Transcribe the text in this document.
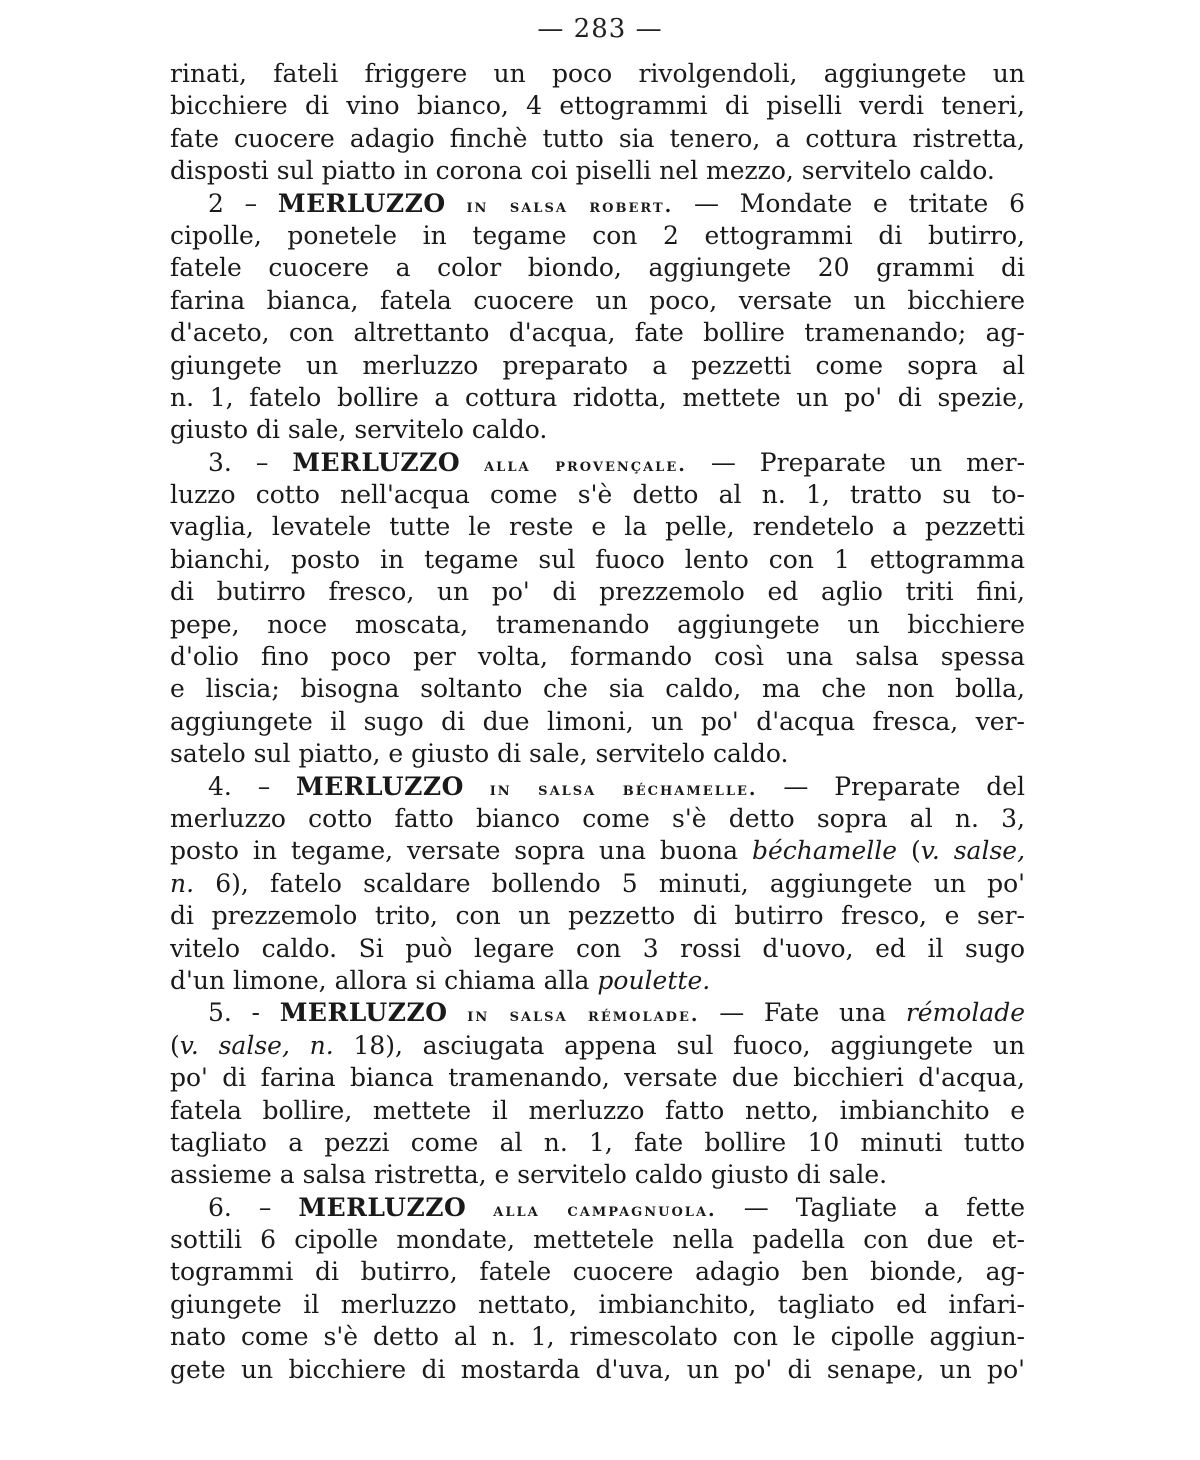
— 283 —
rinati, fateli friggere un poco rivolgendoli, aggiungete un
bicchiere di vino bianco, 4 ettogrammi di piselli verdi teneri,
fate cuocere adagio finchè tutto sia tenero, a cottura ristretta,
disposti sul piatto in corona coi piselli nel mezzo, servitelo caldo.
2 – MERLUZZO in salsa robert. — Mondate e tritate 6
cipolle, ponetele in tegame con 2 ettogrammi di butirro,
fatele cuocere a color biondo, aggiungete 20 grammi di
farina bianca, fatela cuocere un poco, versate un bicchiere
d'aceto, con altrettanto d'acqua, fate bollire tramenando; ag-
giungete un merluzzo preparato a pezzetti come sopra al
n. 1, fatelo bollire a cottura ridotta, mettete un po' di spezie,
giusto di sale, servitelo caldo.
3. – MERLUZZO alla provençale. — Preparate un mer-
luzzo cotto nell'acqua come s'è detto al n. 1, tratto su to-
vaglia, levatele tutte le reste e la pelle, rendetelo a pezzetti
bianchi, posto in tegame sul fuoco lento con 1 ettogramma
di butirro fresco, un po' di prezzemolo ed aglio triti fini,
pepe, noce moscata, tramenando aggiungete un bicchiere
d'olio fino poco per volta, formando così una salsa spessa
e liscia; bisogna soltanto che sia caldo, ma che non bolla,
aggiungete il sugo di due limoni, un po' d'acqua fresca, ver-
satelo sul piatto, e giusto di sale, servitelo caldo.
4. – MERLUZZO in salsa béchamelle. — Preparate del
merluzzo cotto fatto bianco come s'è detto sopra al n. 3,
posto in tegame, versate sopra una buona béchamelle (v. salse,
n. 6), fatelo scaldare bollendo 5 minuti, aggiungete un po'
di prezzemolo trito, con un pezzetto di butirro fresco, e ser-
vitelo caldo. Si può legare con 3 rossi d'uovo, ed il sugo
d'un limone, allora si chiama alla poulette.
5. - MERLUZZO in salsa rémolade. — Fate una rémolade
(v. salse, n. 18), asciugata appena sul fuoco, aggiungete un
po' di farina bianca tramenando, versate due bicchieri d'acqua,
fatela bollire, mettete il merluzzo fatto netto, imbianchito e
tagliato a pezzi come al n. 1, fate bollire 10 minuti tutto
assieme a salsa ristretta, e servitelo caldo giusto di sale.
6. – MERLUZZO alla campagnuola. — Tagliate a fette
sottili 6 cipolle mondate, mettetele nella padella con due et-
togrammi di butirro, fatele cuocere adagio ben bionde, ag-
giungete il merluzzo nettato, imbianchito, tagliato ed infari-
nato come s'è detto al n. 1, rimescolato con le cipolle aggiun-
gete un bicchiere di mostarda d'uva, un po' di senape, un po'
